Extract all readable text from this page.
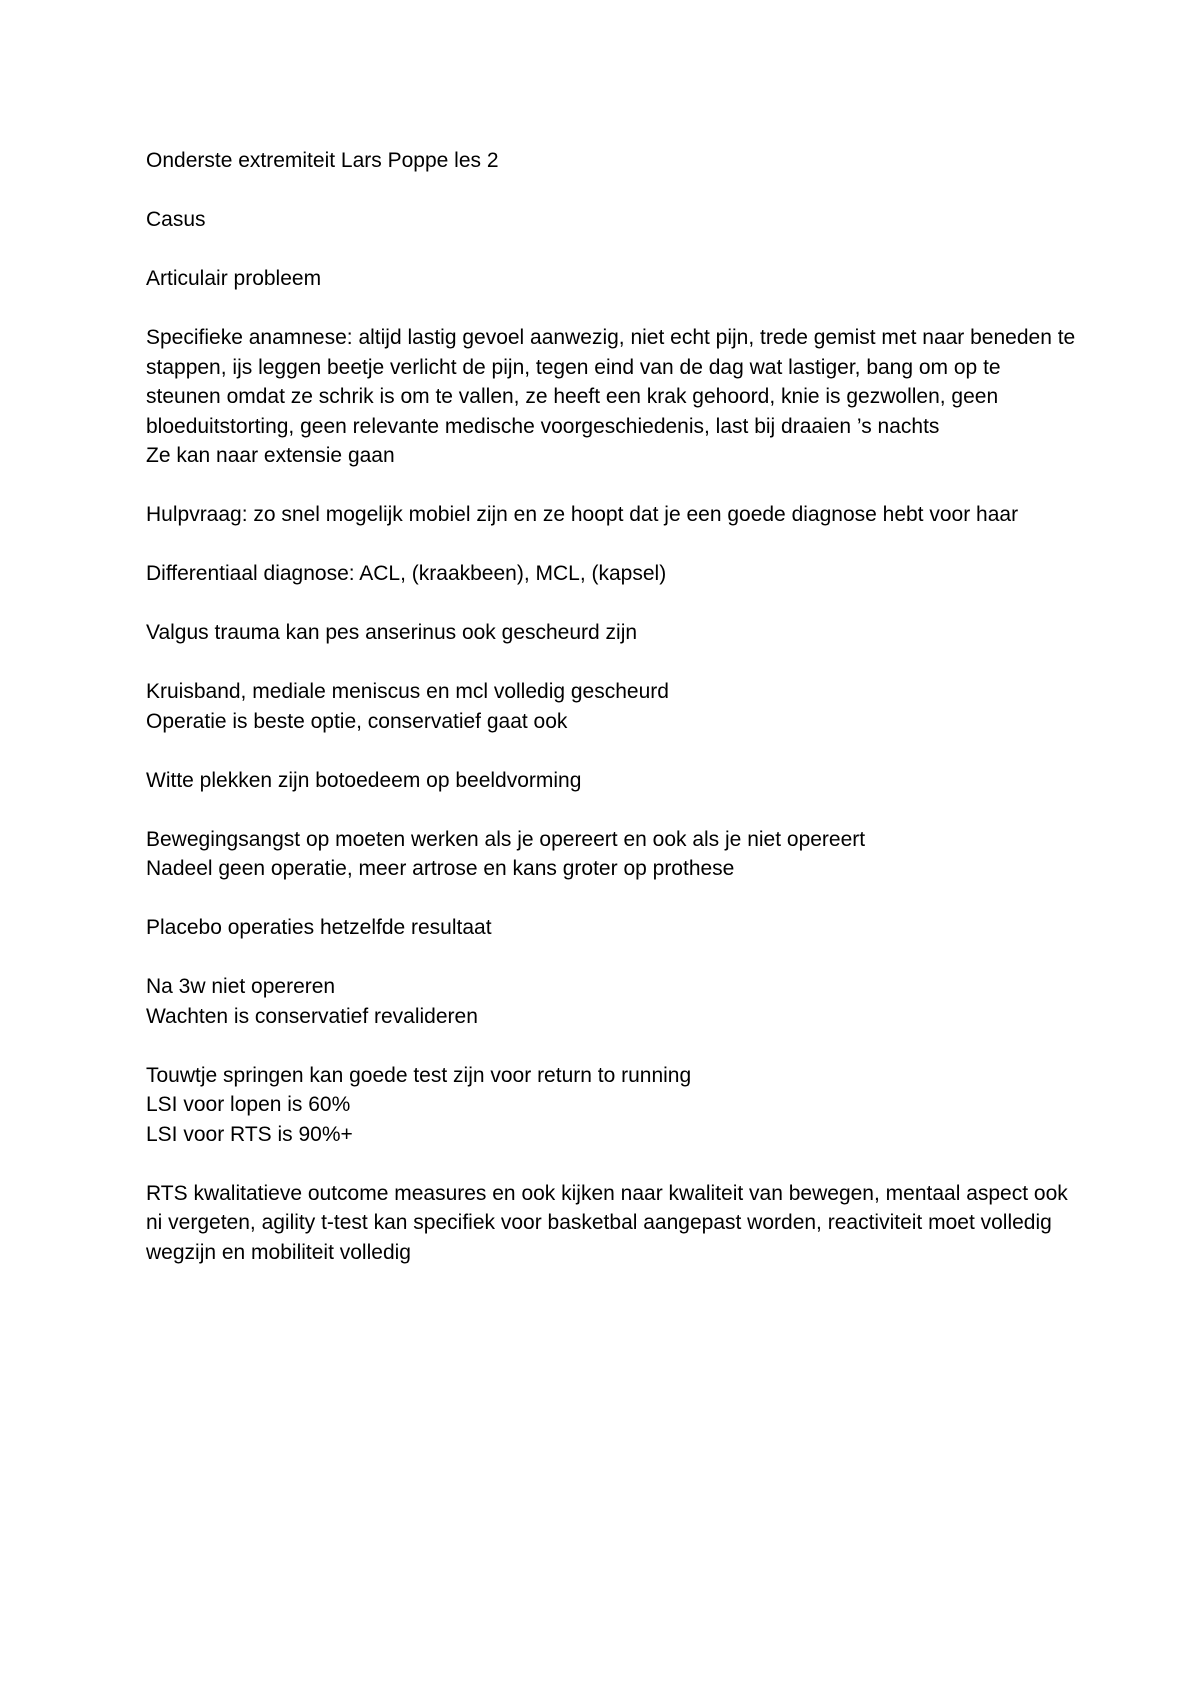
Onderste extremiteit Lars Poppe les 2

Casus

Articulair probleem

Specifieke anamnese: altijd lastig gevoel aanwezig, niet echt pijn, trede gemist met naar beneden te stappen, ijs leggen beetje verlicht de pijn, tegen eind van de dag wat lastiger, bang om op te steunen omdat ze schrik is om te vallen, ze heeft een krak gehoord, knie is gezwollen, geen bloeduitstorting, geen relevante medische voorgeschiedenis, last bij draaien ’s nachts
Ze kan naar extensie gaan

Hulpvraag: zo snel mogelijk mobiel zijn en ze hoopt dat je een goede diagnose hebt voor haar

Differentiaal diagnose: ACL, (kraakbeen), MCL, (kapsel)

Valgus trauma kan pes anserinus ook gescheurd zijn

Kruisband, mediale meniscus en mcl volledig gescheurd
Operatie is beste optie, conservatief gaat ook

Witte plekken zijn botoedeem op beeldvorming

Bewegingsangst op moeten werken als je opereert en ook als je niet opereert
Nadeel geen operatie, meer artrose en kans groter op prothese

Placebo operaties hetzelfde resultaat

Na 3w niet opereren
Wachten is conservatief revalideren

Touwtje springen kan goede test zijn voor return to running
LSI voor lopen is 60%
LSI voor RTS is 90%+

RTS kwalitatieve outcome measures en ook kijken naar kwaliteit van bewegen, mentaal aspect ook ni vergeten, agility t-test kan specifiek voor basketbal aangepast worden, reactiviteit moet volledig wegzijn en mobiliteit volledig
